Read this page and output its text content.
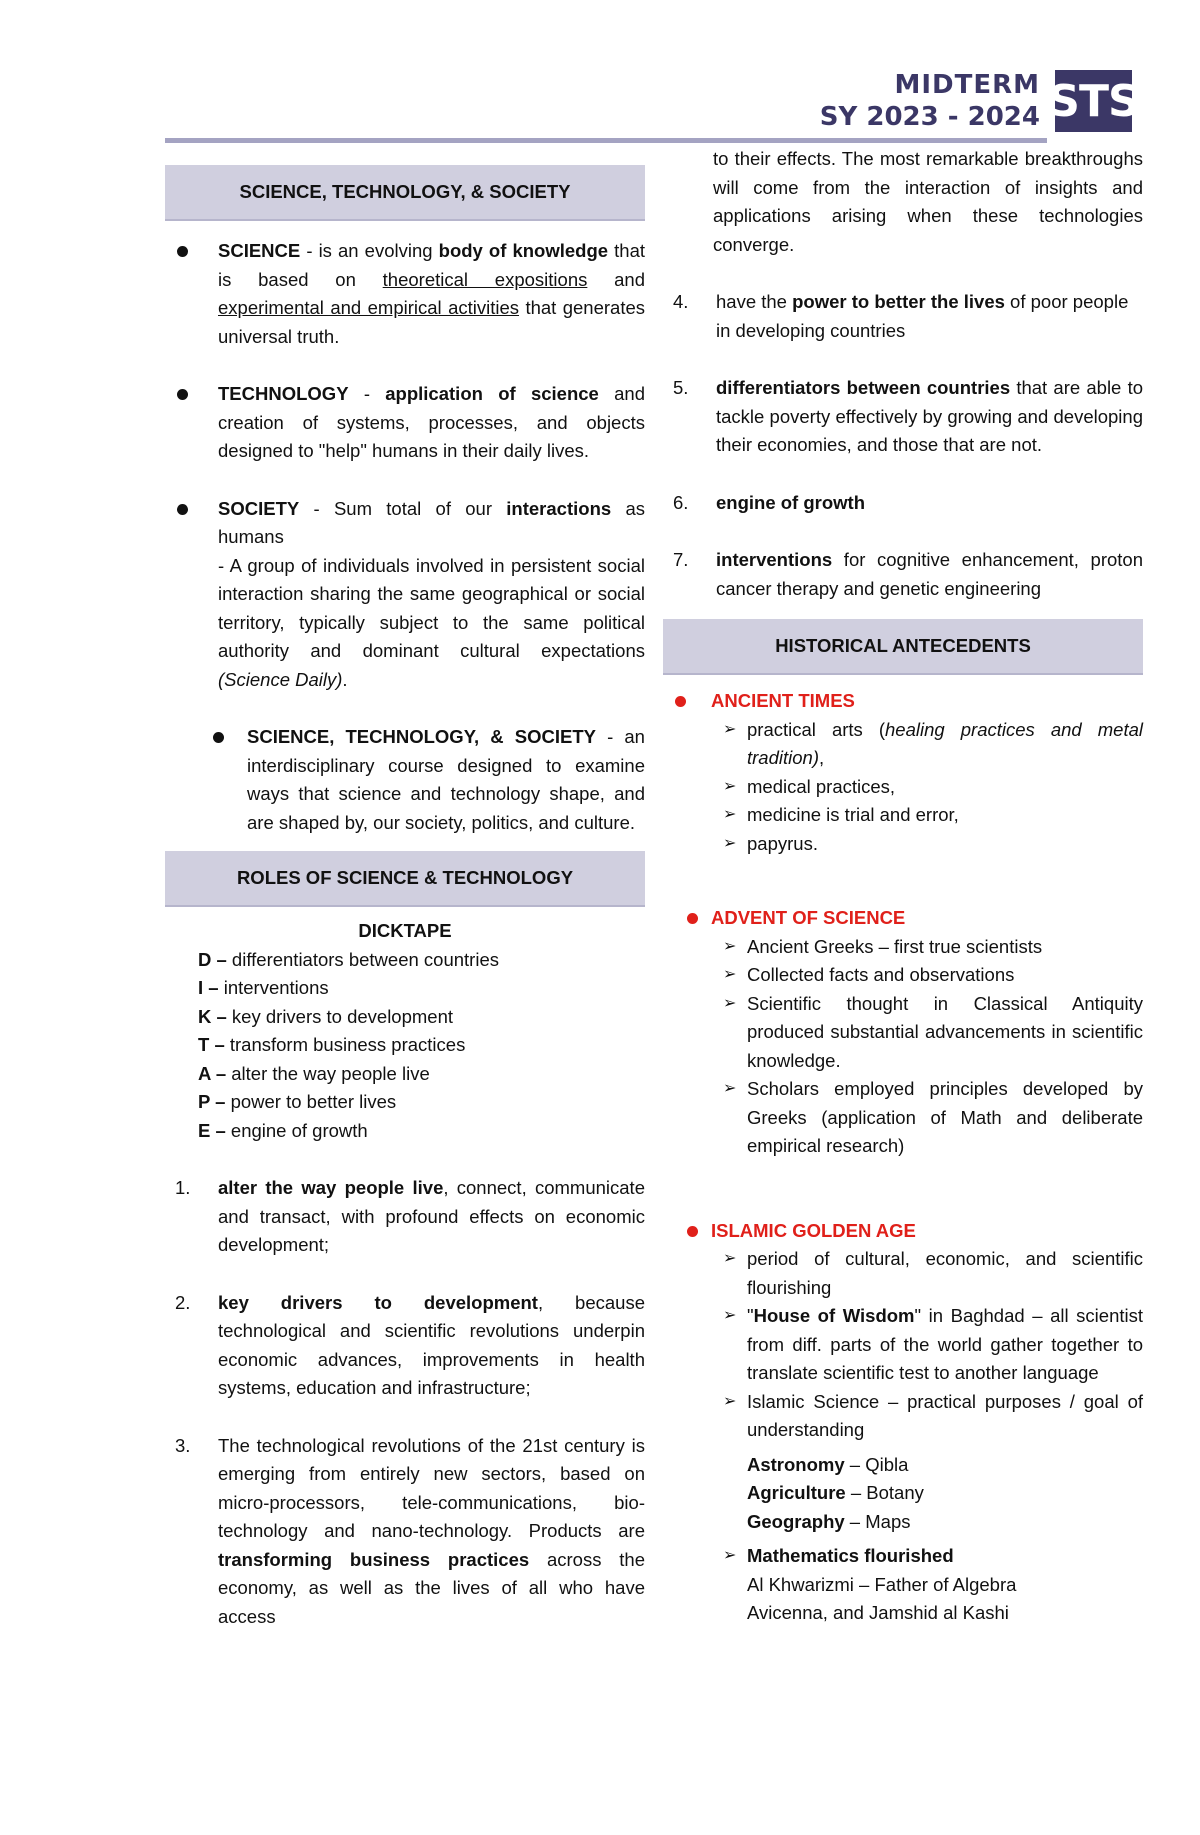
MIDTERM
SY 2023 - 2024 STS
SCIENCE, TECHNOLOGY, & SOCIETY
SCIENCE - is an evolving body of knowledge that is based on theoretical expositions and experimental and empirical activities that generates universal truth.
TECHNOLOGY - application of science and creation of systems, processes, and objects designed to "help" humans in their daily lives.
SOCIETY - Sum total of our interactions as humans
- A group of individuals involved in persistent social interaction sharing the same geographical or social territory, typically subject to the same political authority and dominant cultural expectations (Science Daily).
SCIENCE, TECHNOLOGY, & SOCIETY - an interdisciplinary course designed to examine ways that science and technology shape, and are shaped by, our society, politics, and culture.
ROLES OF SCIENCE & TECHNOLOGY
DICKTAPE
D – differentiators between countries
I – interventions
K – key drivers to development
T – transform business practices
A – alter the way people live
P – power to better lives
E – engine of growth
1. alter the way people live, connect, communicate and transact, with profound effects on economic development;
2. key drivers to development, because technological and scientific revolutions underpin economic advances, improvements in health systems, education and infrastructure;
3. The technological revolutions of the 21st century is emerging from entirely new sectors, based on micro-processors, tele-communications, bio-technology and nano-technology. Products are transforming business practices across the economy, as well as the lives of all who have access
to their effects. The most remarkable breakthroughs will come from the interaction of insights and applications arising when these technologies converge.
4. have the power to better the lives of poor people in developing countries
5. differentiators between countries that are able to tackle poverty effectively by growing and developing their economies, and those that are not.
6. engine of growth
7. interventions for cognitive enhancement, proton cancer therapy and genetic engineering
HISTORICAL ANTECEDENTS
ANCIENT TIMES
➢ practical arts (healing practices and metal tradition),
➢ medical practices,
➢ medicine is trial and error,
➢ papyrus.
ADVENT OF SCIENCE
➢ Ancient Greeks – first true scientists
➢ Collected facts and observations
➢ Scientific thought in Classical Antiquity produced substantial advancements in scientific knowledge.
➢ Scholars employed principles developed by Greeks (application of Math and deliberate empirical research)
ISLAMIC GOLDEN AGE
➢ period of cultural, economic, and scientific flourishing
➢ "House of Wisdom" in Baghdad – all scientist from diff. parts of the world gather together to translate scientific test to another language
➢ Islamic Science – practical purposes / goal of understanding
Astronomy – Qibla
Agriculture – Botany
Geography – Maps
➢ Mathematics flourished
Al Khwarizmi – Father of Algebra
Avicenna, and Jamshid al Kashi
